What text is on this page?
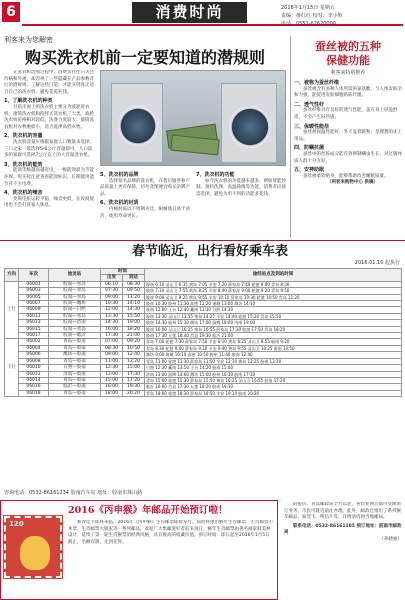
6	消费时尚	2016年1月15日 星期五
责编：蒋红红 校对：李小辉
电话：0551-62620000
利客来为您解密
购买洗衣机前一定要知道的潜规则

在洗衣机选购过程中，消费者往往只关注价格和外观，却忽视了一些隐藏在产品参数背后的潜规则。了解这些门道，才能买到真正适合自己的洗衣机，避免花冤枉钱。

1、了解洗衣机的种类

目前市面上的洗衣机主要分为波轮洗衣机、滚筒洗衣机和搅拌式洗衣机三大类。波轮洗衣机价格相对较低，洗涤力度较大；滚筒洗衣机对衣物磨损小，适合洗涤高档衣物。

2、洗衣机的容量

洗衣机容量应根据家庭人口数量来选择。三口之家一般选择5-6公斤容量即可，人口较多的家庭可选择7公斤以上的大容量洗衣机。

3、洗衣机的能效

能效等级越高越省电，一级能效最为节能环保。购买时注意查看能效标识，长期使用能节省不少电费。

4、洗衣机的噪音

变频电机运转平稳，噪音更低，在夜间使用也不会打扰家人休息。

5、洗衣机的品牌

选择知名品牌的洗衣机，在售后服务和产品质量上更有保障，切勿贪图便宜购买杂牌产品。

6、洗衣机的材质

内桶材质以不锈钢为佳，耐腐蚀且易于清洁，使用寿命更长。

7、洗衣机的功能

如今洗衣机的功能越来越多，例如智能控制、预约洗涤、高温除菌等功能。消费者应按需选择，避免为用不到的功能多花钱。

蚕丝被的五种
保健功能
利客来特别推荐

一、被称为蚕丝纤维

蚕丝被含有多种人体所需的氨基酸，与人体皮肤亲和力强，能促进皮肤细胞新陈代谢。

二、透气性好

蚕丝纤维具有良好的透气性能，盖在身上轻盈舒适，不会产生闷热感。

三、保暖性能佳

蚕丝被保温性能好，冬天盖着暖和，是理想的床上用品。

四、防螨抗菌

蚕丝中的丝胶成分能有效抑制螨虫生长，对过敏体质人群十分友好。

五、安神助眠

蚕丝被柔软贴身，能够帮助改善睡眠质量。

（利客来购物中心 供稿）

春节临近，出行看好乘车表
2016.01.10 起执行
方向	车次	始发站	时间		途经站点及到站时间
			出发	到达	
上行	06001	胶南—青岛	06:10	08:30	胶南 6:10 灵山卫 6:35 黄岛 7:05 辛安 7:20 薛家岛 7:40 轮渡 8:00 青岛 8:30
	06003	胶南—青岛	07:30	09:50	胶南 7:30 灵山卫 7:55 黄岛 8:25 辛安 8:40 薛家岛 9:00 轮渡 9:20 青岛 9:50
	06005	胶南—青岛	09:00	11:20	胶南 9:00 灵山卫 9:25 黄岛 9:55 辛安 10:10 薛家岛 10:30 轮渡 10:50 青岛 11:20
	06007	胶南—潍坊	10:30	14:10	胶南 10:30 胶州 11:30 高密 12:20 诸城 13:00 潍坊 14:10
	06009	胶南—日照	12:00	14:30	胶南 12:00 王台 12:40 藏南 13:10 日照 14:30
	06011	胶南—青岛	13:30	15:50	胶南 13:30 灵山卫 13:55 黄岛 14:25 辛安 14:40 轮渡 15:20 青岛 15:50
	06013	胶南—济南	14:30	19:00	胶南 14:30 胶州 15:30 潍坊 17:00 淄博 18:00 济南 19:00
	06015	胶南—青岛	16:00	18:20	胶南 16:00 灵山卫 16:25 黄岛 16:55 薛家岛 17:30 轮渡 17:50 青岛 18:20
	06017	胶南—临沂	17:30	21:00	胶南 17:30 五莲 18:40 莒县 19:30 临沂 21:00
下行	06002	青岛—胶南	07:00	09:20	青岛 7:00 轮渡 7:30 薛家岛 7:50 辛安 8:10 黄岛 8:25 灵山卫 8:55 胶南 9:20
	06004	青岛—胶南	08:30	10:50	青岛 8:30 轮渡 9:00 薛家岛 9:20 辛安 9:40 黄岛 9:55 灵山卫 10:25 胶南 10:50
	06006	潍坊—胶南	09:00	12:40	潍坊 9:00 诸城 10:10 高密 10:50 胶州 11:40 胶南 12:40
	06008	青岛—胶南	11:00	13:20	青岛 11:00 轮渡 11:30 薛家岛 11:50 辛安 12:10 黄岛 12:25 胶南 13:20
	06010	日照—胶南	12:30	15:00	日照 12:30 藏南 13:50 王台 14:20 胶南 15:00
	06012	济南—胶南	13:00	17:30	济南 13:00 淄博 14:00 潍坊 15:00 胶州 16:30 胶南 17:30
	06014	青岛—胶南	15:00	17:20	青岛 15:00 轮渡 15:30 薛家岛 15:50 黄岛 16:25 灵山卫 16:55 胶南 17:20
	06016	临沂—胶南	16:00	19:30	临沂 16:00 莒县 17:30 五莲 18:20 胶南 19:30
	06018	青岛—胶南	18:00	20:20	青岛 18:00 轮渡 18:30 薛家岛 18:50 辛安 19:10 胶南 20:20
咨询电话：0532-86161234 胶南汽车站 地址：胶南市珠山路
120
2016《丙申猴》年邮品开始预订啦！

新春佳节即将来临，2016年《丙申猴》生肖邮票即将发行。届时将推出猴年生肖邮票、生肖邮票小本票、生肖邮票大版张等一系列邮品，欢迎广大集邮爱好者前来预订。猴年生肖邮票由著名画家韩美林设计，延续了第一轮生肖猴票的经典风格，具有极高的收藏价值。预订时间：即日起至2016年1月5日截止，名额有限，先到先得。

的报价。青岛邮政局全力以赴，各营业网点都可受理预订业务，市民可就近前往办理。此外，邮政还推出了系列猴年邮品，如贺卡、明信片等，详情请咨询当地邮局。

联系电话：0532-86161185 预订地址：胶南市邮政局

（孙晓丽）
